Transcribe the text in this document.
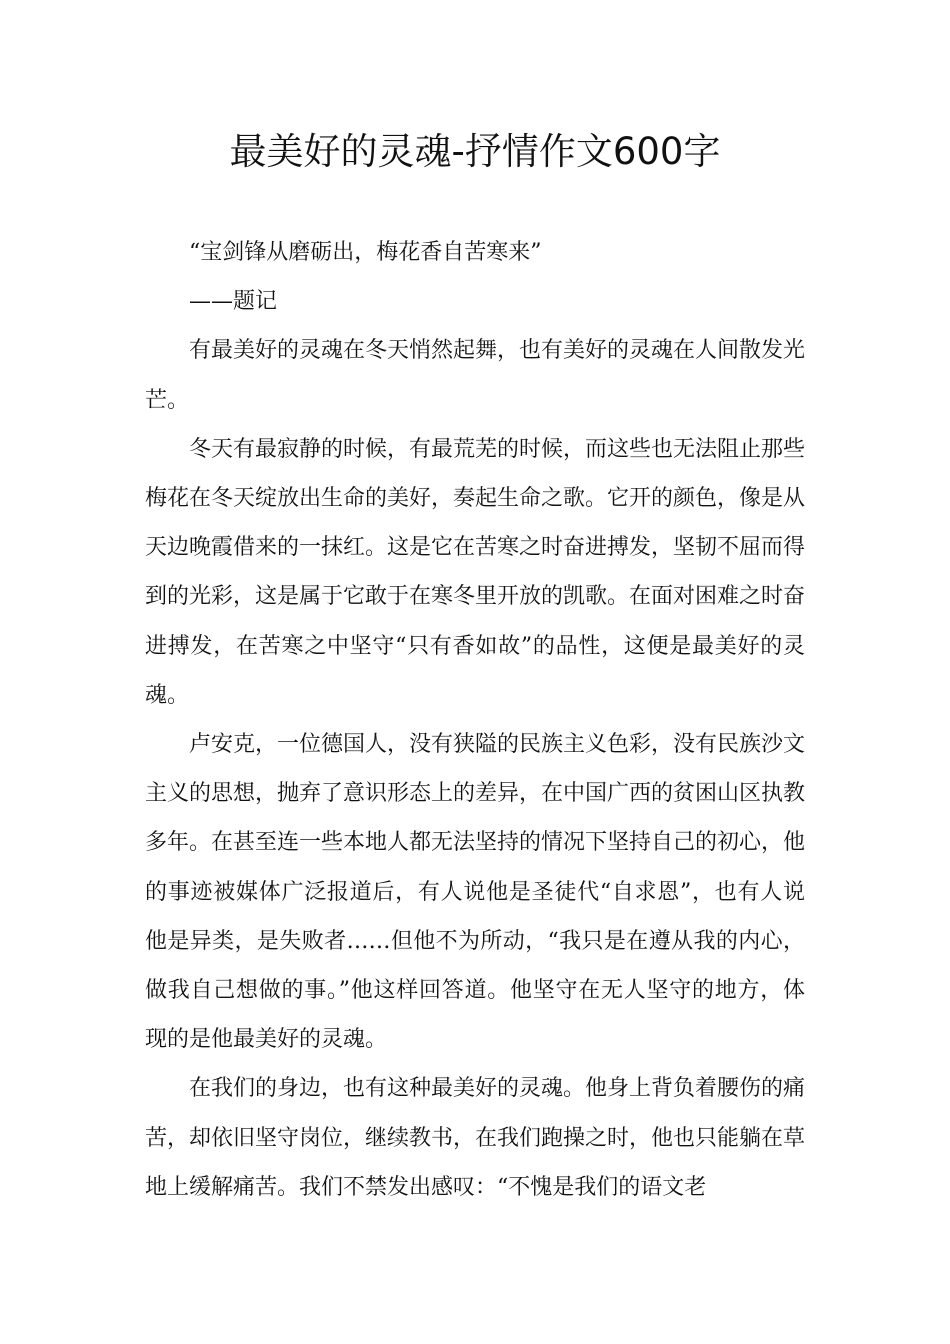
最美好的灵魂-抒情作文600字

“宝剑锋从磨砺出，梅花香自苦寒来”

——题记

有最美好的灵魂在冬天悄然起舞，也有美好的灵魂在人间散发光芒。

冬天有最寂静的时候，有最荒芜的时候，而这些也无法阻止那些梅花在冬天绽放出生命的美好，奏起生命之歌。它开的颜色，像是从天边晚霞借来的一抹红。这是它在苦寒之时奋进搏发，坚韧不屈而得到的光彩，这是属于它敢于在寒冬里开放的凯歌。在面对困难之时奋进搏发，在苦寒之中坚守“只有香如故”的品性，这便是最美好的灵魂。

卢安克，一位德国人，没有狭隘的民族主义色彩，没有民族沙文主义的思想，抛弃了意识形态上的差异，在中国广西的贫困山区执教多年。在甚至连一些本地人都无法坚持的情况下坚持自己的初心，他的事迹被媒体广泛报道后，有人说他是圣徒代“自求恩”，也有人说他是异类，是失败者……但他不为所动，“我只是在遵从我的内心，做我自己想做的事。”他这样回答道。他坚守在无人坚守的地方，体现的是他最美好的灵魂。

在我们的身边，也有这种最美好的灵魂。他身上背负着腰伤的痛苦，却依旧坚守岗位，继续教书，在我们跑操之时，他也只能躺在草地上缓解痛苦。我们不禁发出感叹：“不愧是我们的语文老
